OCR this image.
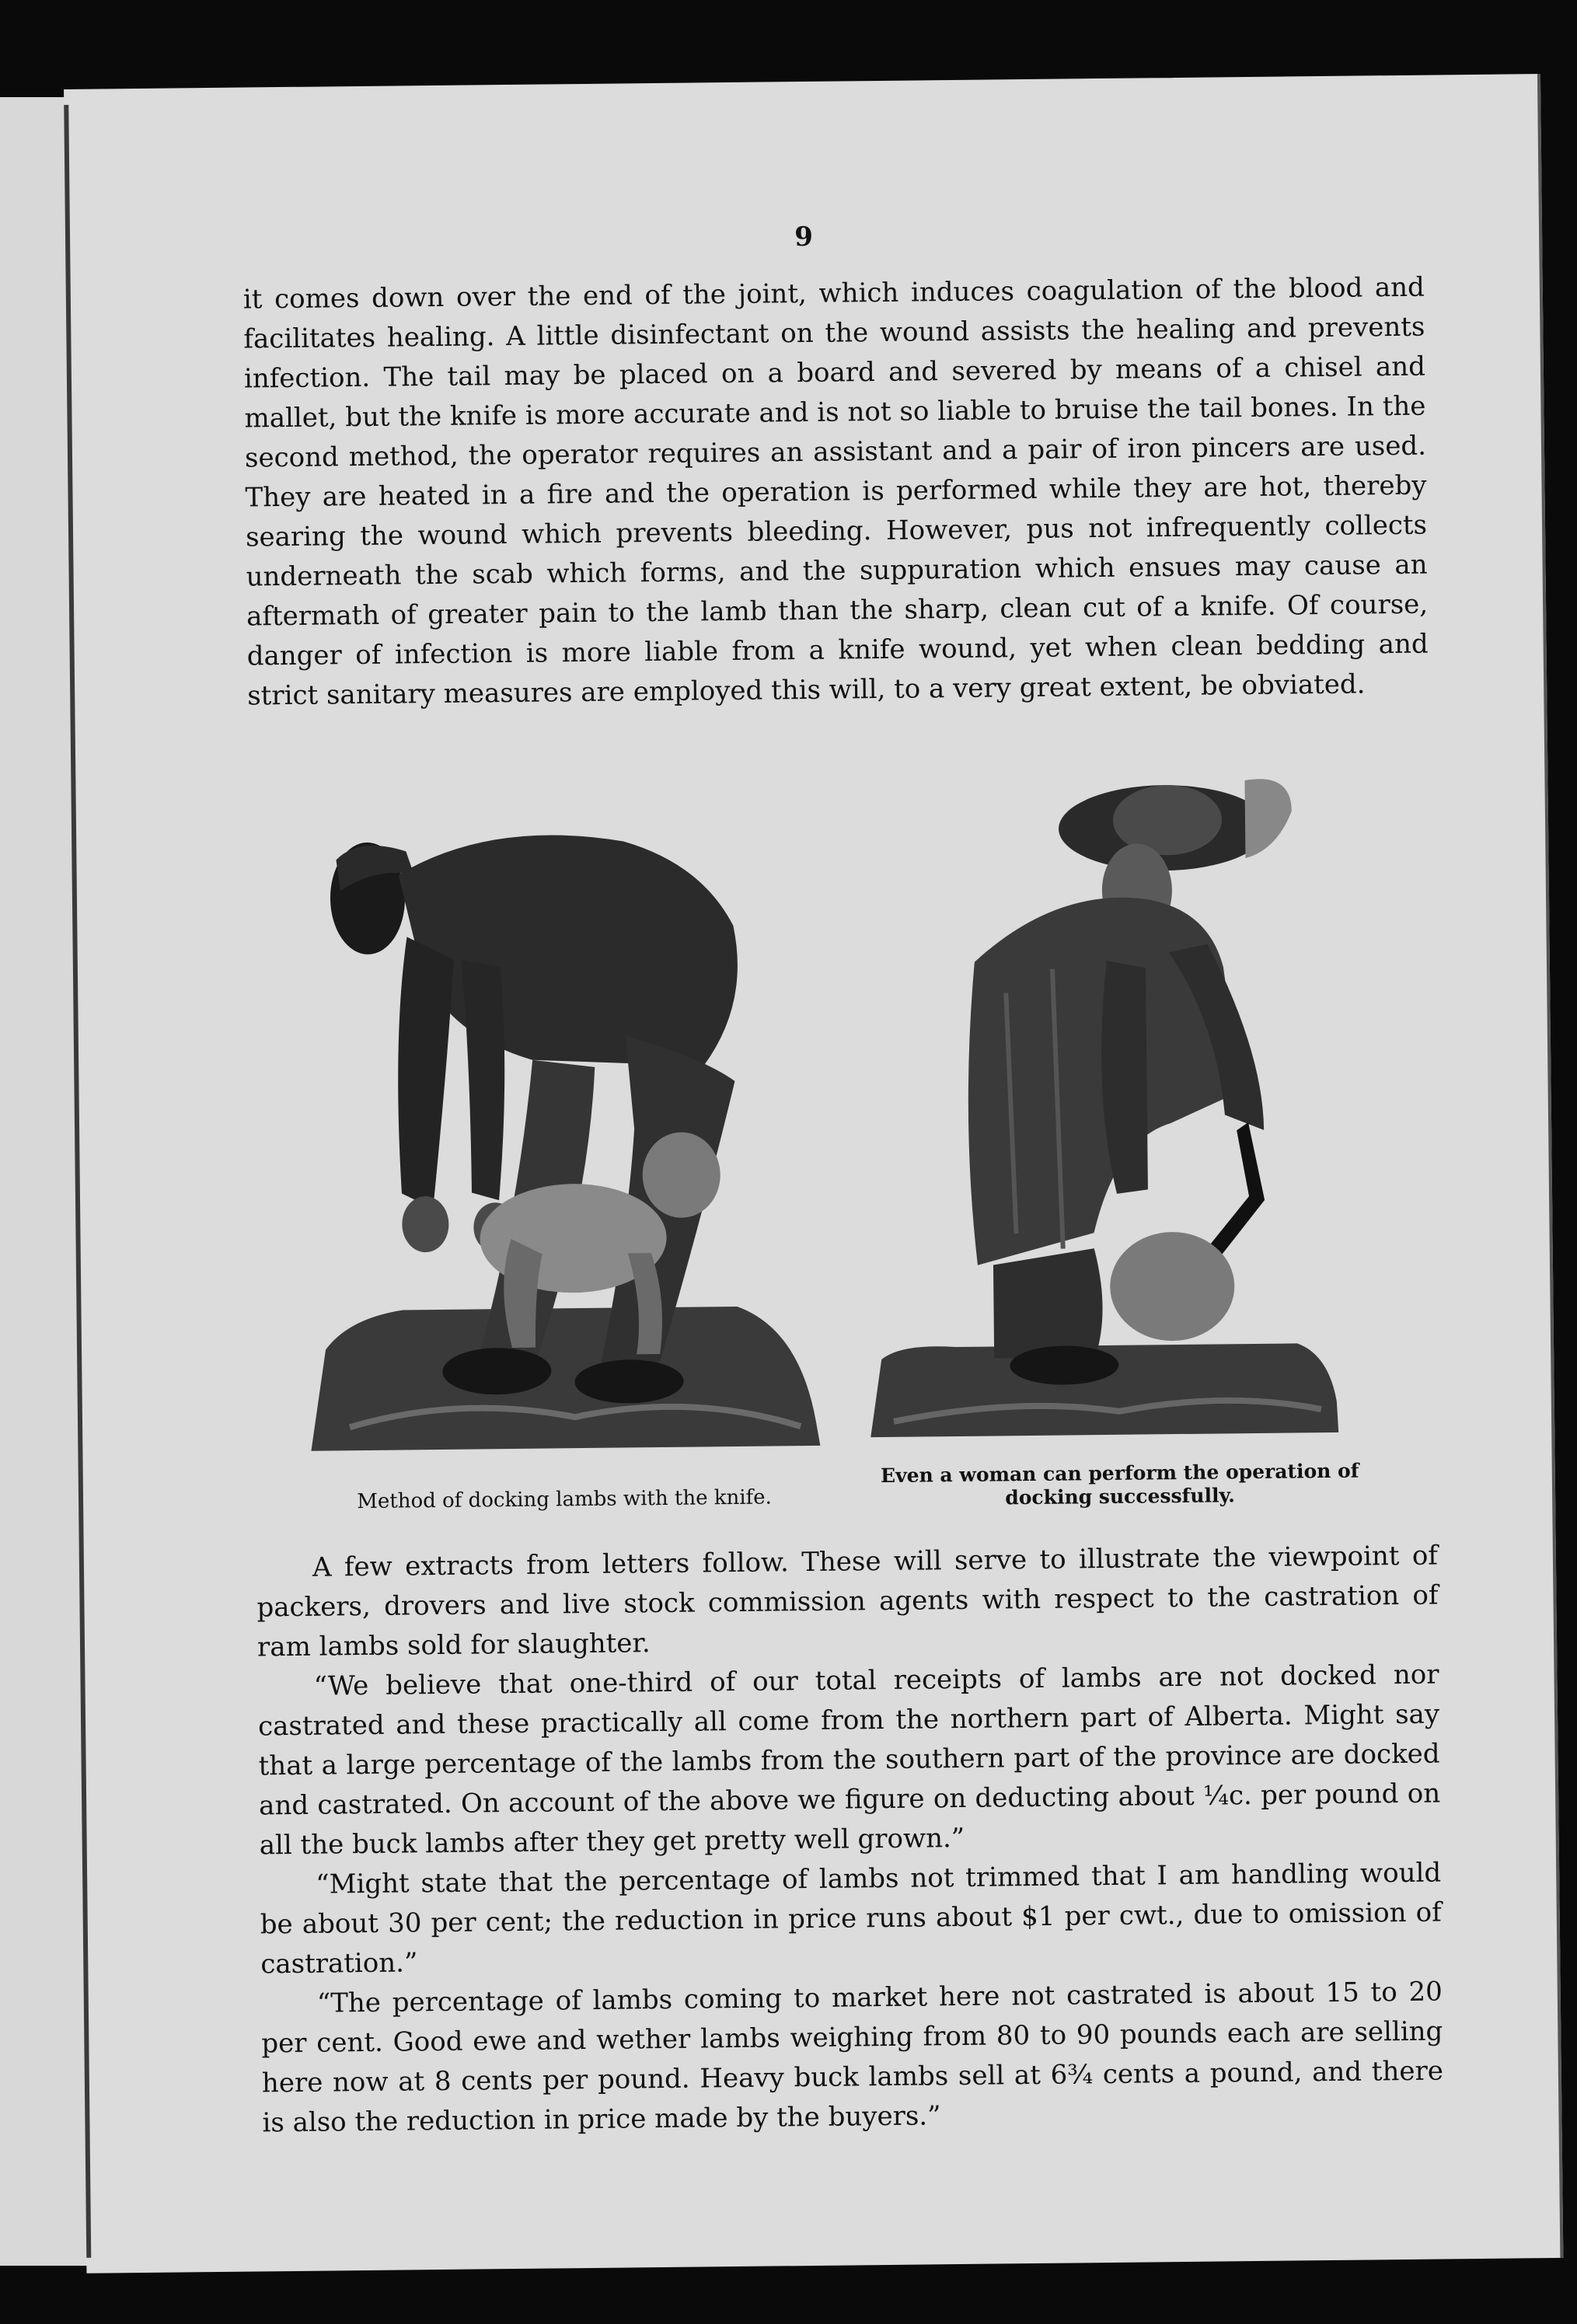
9

it comes down over the end of the joint, which induces coagulation of the blood and facilitates healing. A little disinfectant on the wound assists the healing and prevents infection. The tail may be placed on a board and severed by means of a chisel and mallet, but the knife is more accurate and is not so liable to bruise the tail bones. In the second method, the operator requires an assistant and a pair of iron pincers are used. They are heated in a fire and the operation is performed while they are hot, thereby searing the wound which prevents bleeding. However, pus not infrequently collects underneath the scab which forms, and the suppuration which ensues may cause an aftermath of greater pain to the lamb than the sharp, clean cut of a knife. Of course, danger of infection is more liable from a knife wound, yet when clean bedding and strict sanitary measures are employed this will, to a very great extent, be obviated.

Method of docking lambs with the knife.
Even a woman can perform the operation of docking successfully.

A few extracts from letters follow. These will serve to illustrate the viewpoint of packers, drovers and live stock commission agents with respect to the castration of ram lambs sold for slaughter.

“We believe that one-third of our total receipts of lambs are not docked nor castrated and these practically all come from the northern part of Alberta. Might say that a large percentage of the lambs from the southern part of the province are docked and castrated. On account of the above we figure on deducting about ¼c. per pound on all the buck lambs after they get pretty well grown.”

“Might state that the percentage of lambs not trimmed that I am handling would be about 30 per cent; the reduction in price runs about $1 per cwt., due to omission of castration.”

“The percentage of lambs coming to market here not castrated is about 15 to 20 per cent. Good ewe and wether lambs weighing from 80 to 90 pounds each are selling here now at 8 cents per pound. Heavy buck lambs sell at 6¾ cents a pound, and there is also the reduction in price made by the buyers.”
